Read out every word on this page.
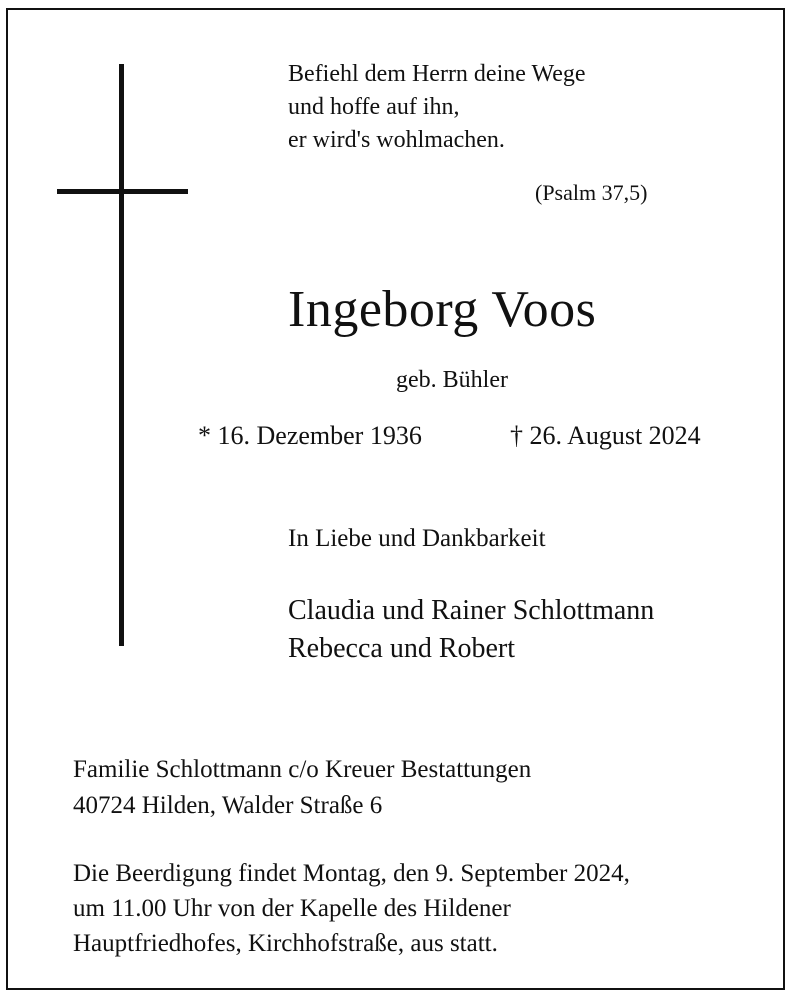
Befiehl dem Herrn deine Wege
und hoffe auf ihn,
er wird's wohlmachen.
(Psalm 37,5)
Ingeborg Voos
geb. Bühler
* 16. Dezember 1936	† 26. August 2024
In Liebe und Dankbarkeit
Claudia und Rainer Schlottmann
Rebecca und Robert
Familie Schlottmann c/o Kreuer Bestattungen
40724 Hilden, Walder Straße 6
Die Beerdigung findet Montag, den 9. September 2024,
um 11.00 Uhr von der Kapelle des Hildener
Hauptfriedhofes, Kirchhofstraße, aus statt.
